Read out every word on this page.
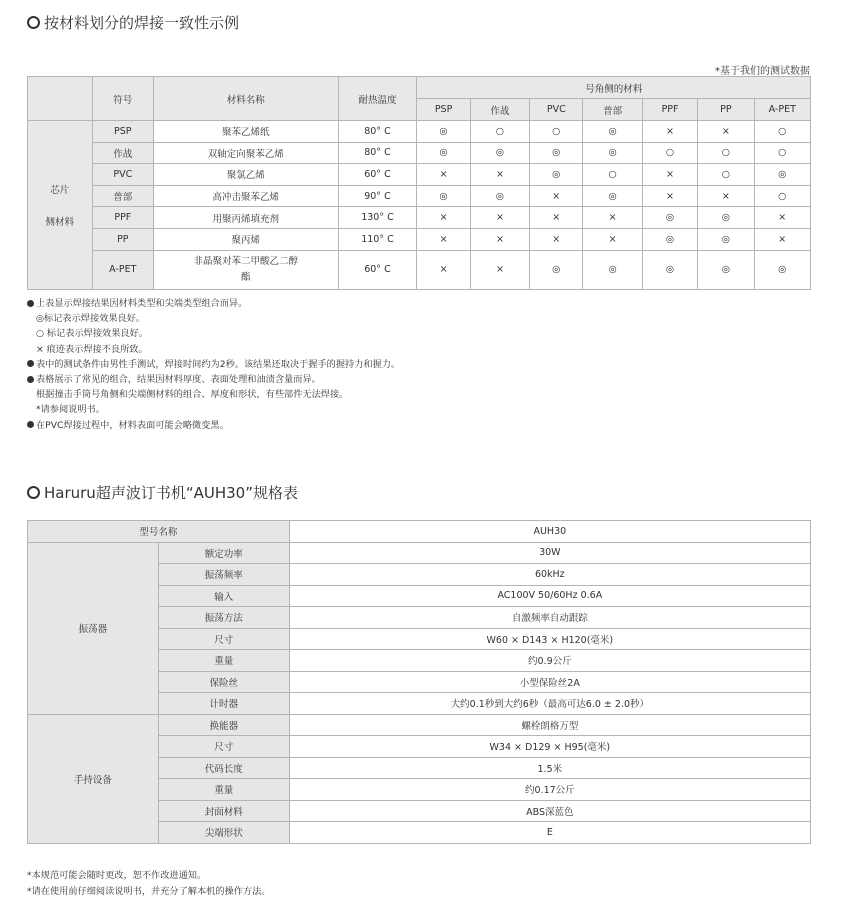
按材料划分的焊接一致性示例
*基于我们的测试数据
	符号	材料名称	耐热温度	号角侧的材料						
				PSP	作战	PVC	普部	PPF	PP	A-PET

芯片
侧材料	PSP	聚苯乙烯纸	80° C	◎	○	○	◎	×	×	○
	作战	双轴定向聚苯乙烯	80° C	◎	◎	◎	◎	○	○	○
	PVC	聚氯乙烯	60° C	×	×	◎	○	×	○	◎
	普部	高冲击聚苯乙烯	90° C	◎	◎	×	◎	×	×	○
	PPF	用聚丙烯填充剂	130° C	×	×	×	×	◎	◎	×
	PP	聚丙烯	110° C	×	×	×	×	◎	◎	×
	A-PET	非晶聚对苯二甲酸乙二醇
酯	60° C	×	×	◎	◎	◎	◎	◎
上表显示焊接结果因材料类型和尖端类型组合而异。
◎标记表示焊接效果良好。
○ 标记表示焊接效果良好。
× 痕迹表示焊接不良所致。
表中的测试条件由男性手测试，焊接时间约为2秒。该结果还取决于握手的握持力和握力。
表格展示了常见的组合，结果因材料厚度、表面处理和油渍含量而异。
根据撞击手筒号角侧和尖端侧材料的组合、厚度和形状，有些部件无法焊接。
*请参阅说明书。
在PVC焊接过程中，材料表面可能会略微变黑。
Haruru超声波订书机“AUH30”规格表
型号名称		AUH30
振荡器	额定功率	30W
	振荡频率	60kHz
	输入	AC100V 50/60Hz 0.6A
	振荡方法	自激频率自动跟踪
	尺寸	W60 × D143 × H120(毫米)
	重量	约0.9公斤
	保险丝	小型保险丝2A
	计时器	大约0.1秒到大约6秒（最高可达6.0 ± 2.0秒）
手持设备	换能器	螺栓朗格万型
	尺寸	W34 × D129 × H95(毫米)
	代码长度	1.5米
	重量	约0.17公斤
	封面材料	ABS深蓝色
	尖端形状	E
*本规范可能会随时更改，恕不作改进通知。
*请在使用前仔细阅读说明书，并充分了解本机的操作方法。
